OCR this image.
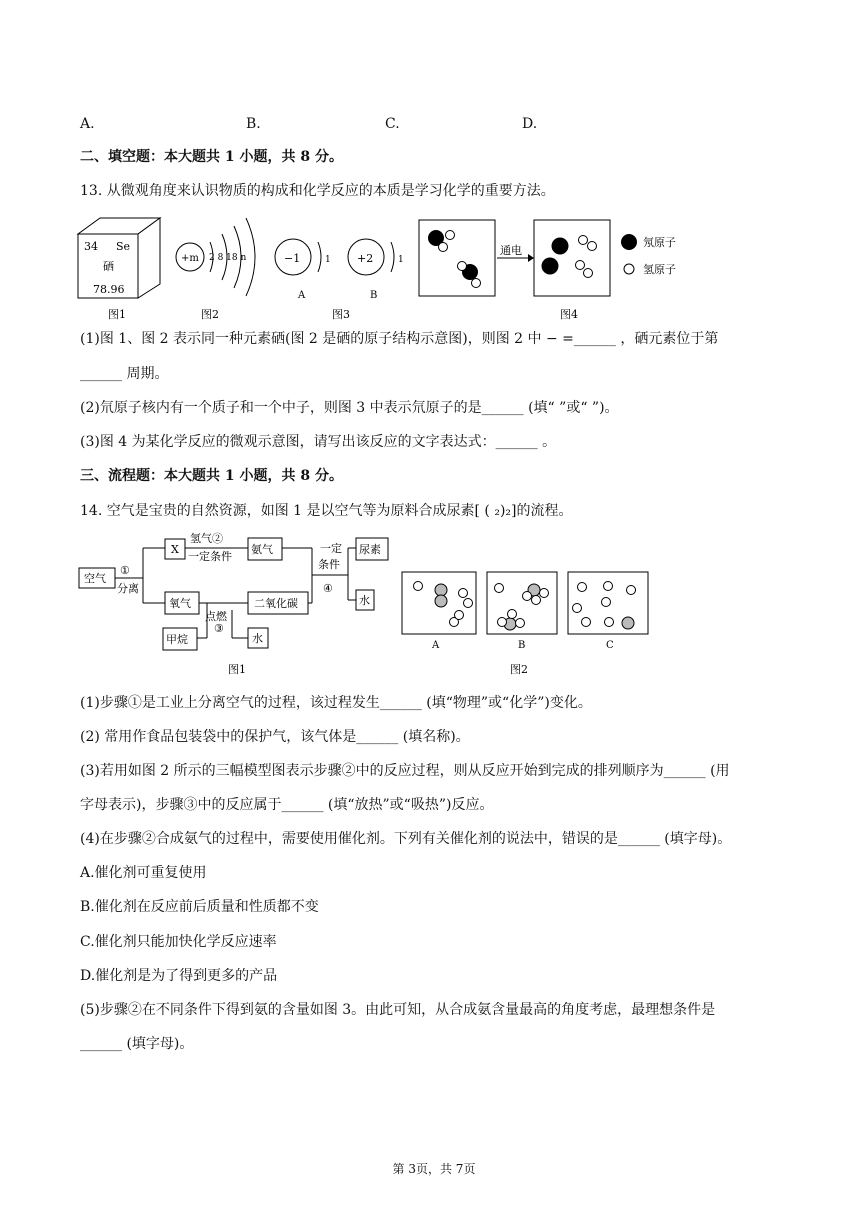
A.	B.	C.	D.
二、填空题：本大题共 1 小题，共 8 分。
13. 从微观角度来认识物质的构成和化学反应的本质是学习化学的重要方法。
34 Se
硒
78.96
+m 2 8 18 n	−1	1
A
+2	1
B
通电
氖原子
氢原子
图1	图2	图3	图4
(1)图 1、图 2 表示同一种元素硒(图 2 是硒的原子结构示意图)，则图 2 中 − =______ ，硒元素位于第
______ 周期。
(2)氘原子核内有一个质子和一个中子，则图 3 中表示氘原子的是______ (填“ ”或“ ”)。
(3)图 4 为某化学反应的微观示意图，请写出该反应的文字表达式：______ 。
三、流程题：本大题共 1 小题，共 8 分。
14. 空气是宝贵的自然资源，如图 1 是以空气等为原料合成尿素[ ( ₂)₂]的流程。
空气
①
分离
X
氢气②
一定条件
氨气
氧气
点燃
③
二氧化碳
甲烷	水
一定
条件
④
尿素
水
图1
A	B	C
图2
(1)步骤①是工业上分离空气的过程，该过程发生______ (填“物理”或“化学”)变化。
(2) 常用作食品包装袋中的保护气，该气体是______ (填名称)。
(3)若用如图 2 所示的三幅模型图表示步骤②中的反应过程，则从反应开始到完成的排列顺序为______ (用
字母表示)，步骤③中的反应属于______ (填“放热”或“吸热”)反应。
(4)在步骤②合成氨气的过程中，需要使用催化剂。下列有关催化剂的说法中，错误的是______ (填字母)。
A.催化剂可重复使用
B.催化剂在反应前后质量和性质都不变
C.催化剂只能加快化学反应速率
D.催化剂是为了得到更多的产品
(5)步骤②在不同条件下得到氨的含量如图 3。由此可知，从合成氨含量最高的角度考虑，最理想条件是
______ (填字母)。
第 3页，共 7页
